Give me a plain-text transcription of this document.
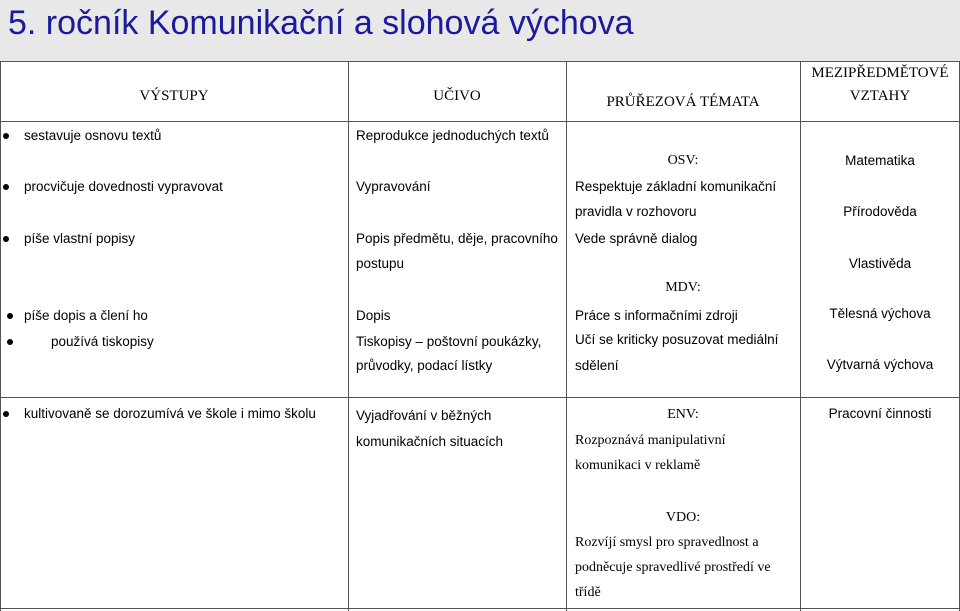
5. ročník Komunikační a slohová výchova
VÝSTUPY	UČIVO	PRŮŘEZOVÁ TÉMATA
MEZIPŘEDMĚTOVÉ
VZTAHY
sestavuje osnovu textů
procvičuje dovednosti vypravovat
píše vlastní popisy
píše dopis a člení ho
používá tiskopisy
kultivovaně se dorozumívá ve škole i mimo školu
Reprodukce jednoduchých textů
Vypravování
Popis předmětu, děje, pracovního
postupu
Dopis
Tiskopisy – poštovní poukázky,
průvodky, podací lístky
Vyjadřování v běžných
komunikačních situacích
OSV:
Respektuje základní komunikační
pravidla v rozhovoru
Vede správně dialog
MDV:
Práce s informačními zdroji
Učí se kriticky posuzovat mediální
sdělení
ENV:
Rozpoznává manipulativní
komunikaci v reklamě
VDO:
Rozvíjí smysl pro spravedlnost a
podněcuje spravedlivé prostředí ve
třídě
Matematika
Přírodověda
Vlastivěda
Tělesná výchova
Výtvarná výchova
Pracovní činnosti
